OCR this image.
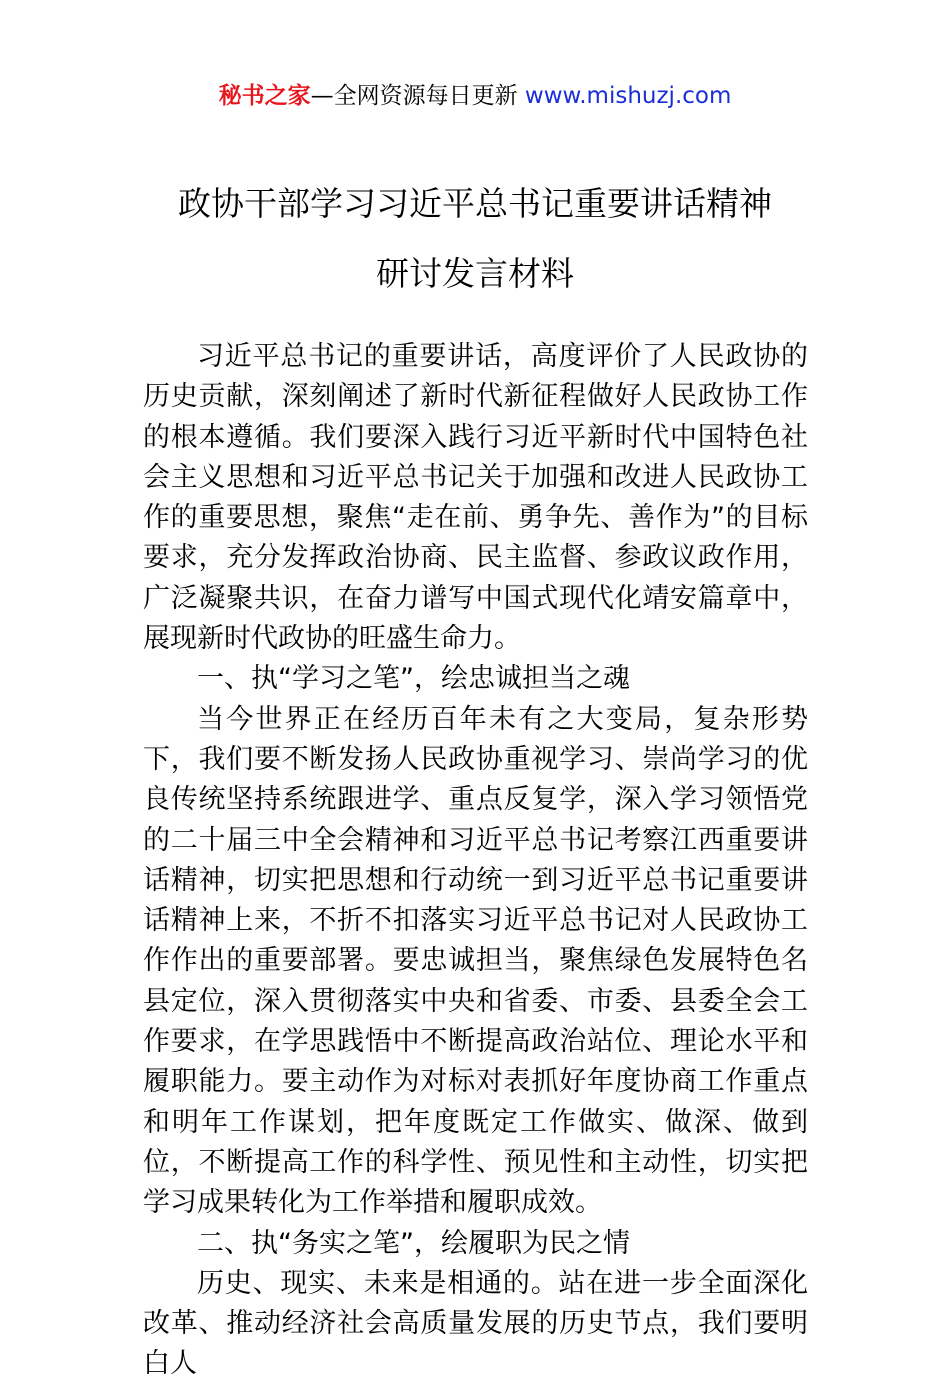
秘书之家—全网资源每日更新 www.mishuzj.com
政协干部学习习近平总书记重要讲话精神
研讨发言材料

习近平总书记的重要讲话，高度评价了人民政协的历史贡献，深刻阐述了新时代新征程做好人民政协工作的根本遵循。我们要深入践行习近平新时代中国特色社会主义思想和习近平总书记关于加强和改进人民政协工作的重要思想，聚焦“走在前、勇争先、善作为”的目标要求，充分发挥政治协商、民主监督、参政议政作用，广泛凝聚共识，在奋力谱写中国式现代化靖安篇章中，展现新时代政协的旺盛生命力。

一、执“学习之笔”，绘忠诚担当之魂

当今世界正在经历百年未有之大变局，复杂形势下，我们要不断发扬人民政协重视学习、崇尚学习的优良传统坚持系统跟进学、重点反复学，深入学习领悟党的二十届三中全会精神和习近平总书记考察江西重要讲话精神，切实把思想和行动统一到习近平总书记重要讲话精神上来，不折不扣落实习近平总书记对人民政协工作作出的重要部署。要忠诚担当，聚焦绿色发展特色名县定位，深入贯彻落实中央和省委、市委、县委全会工作要求，在学思践悟中不断提高政治站位、理论水平和履职能力。要主动作为对标对表抓好年度协商工作重点和明年工作谋划，把年度既定工作做实、做深、做到位，不断提高工作的科学性、预见性和主动性，切实把学习成果转化为工作举措和履职成效。

二、执“务实之笔”，绘履职为民之情

历史、现实、未来是相通的。站在进一步全面深化改革、推动经济社会高质量发展的历史节点，我们要明白人
